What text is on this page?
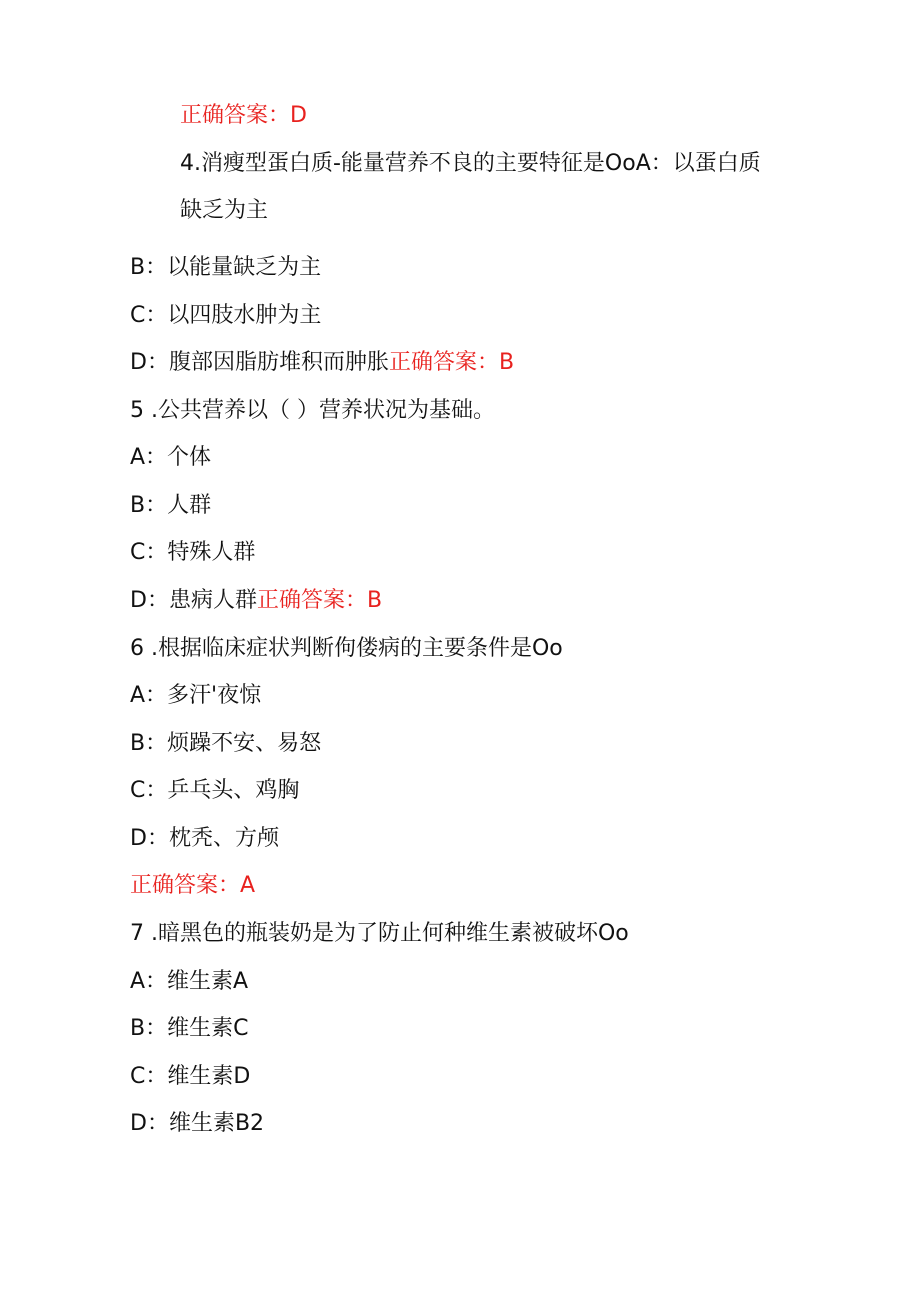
正确答案：D
4.消瘦型蛋白质-能量营养不良的主要特征是OoA：以蛋白质
缺乏为主
B：以能量缺乏为主
C：以四肢水肿为主
D：腹部因脂肪堆积而肿胀正确答案：B
5 .公共营养以（ ）营养状况为基础。
A：个体
B：人群
C：特殊人群
D：患病人群正确答案：B
6 .根据临床症状判断佝偻病的主要条件是Oo
A：多汗'夜惊
B：烦躁不安、易怒
C：乒乓头、鸡胸
D：枕秃、方颅
正确答案：A
7 .暗黑色的瓶装奶是为了防止何种维生素被破坏Oo
A：维生素A
B：维生素C
C：维生素D
D：维生素B2
